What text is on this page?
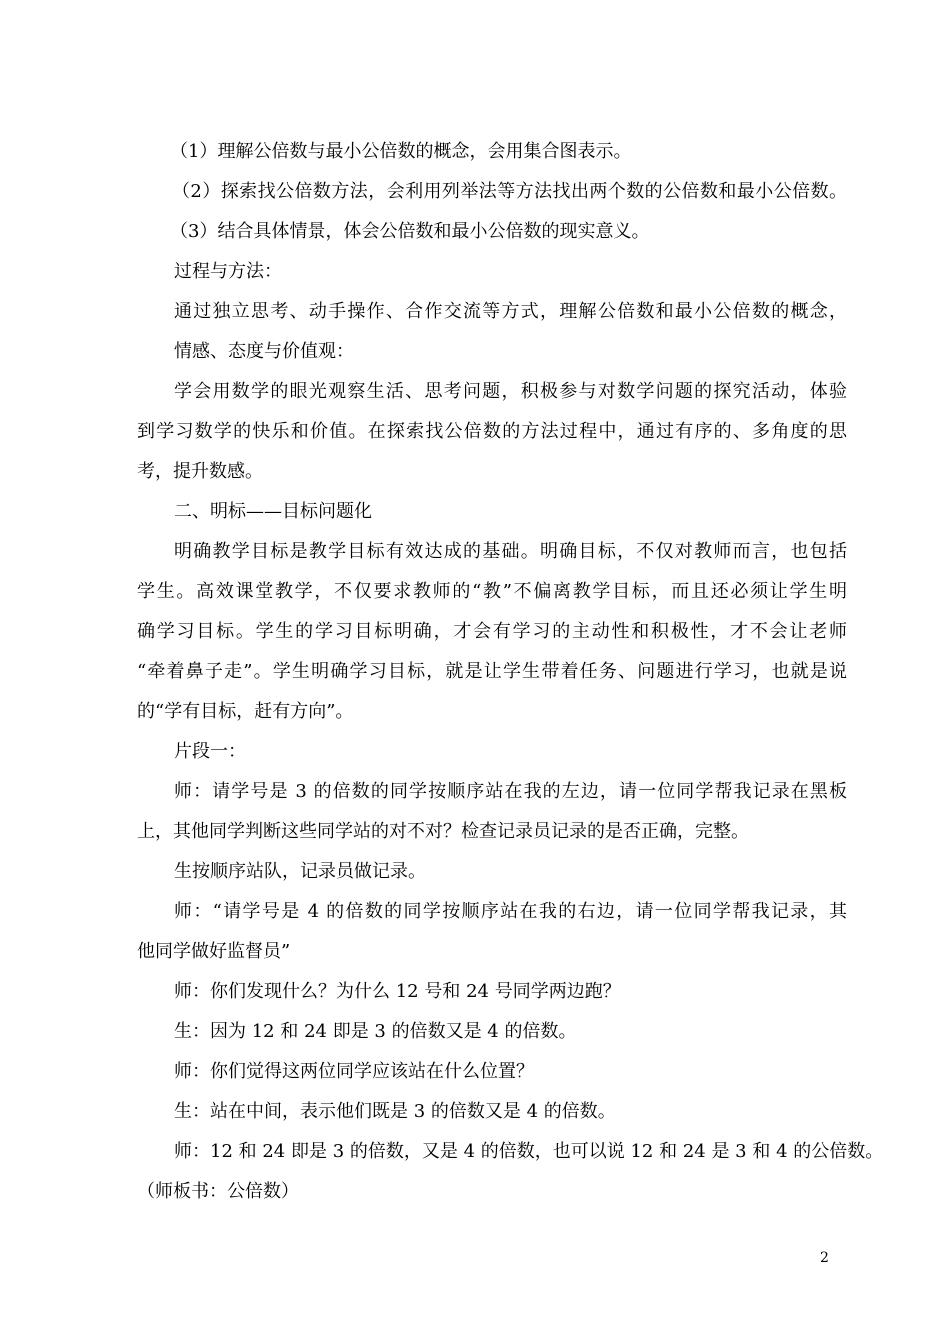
（1）理解公倍数与最小公倍数的概念，会用集合图表示。
（2）探索找公倍数方法，会利用列举法等方法找出两个数的公倍数和最小公倍数。
（3）结合具体情景，体会公倍数和最小公倍数的现实意义。
过程与方法：
通过独立思考、动手操作、合作交流等方式，理解公倍数和最小公倍数的概念，
情感、态度与价值观：
学会用数学的眼光观察生活、思考问题，积极参与对数学问题的探究活动，体验
到学习数学的快乐和价值。在探索找公倍数的方法过程中，通过有序的、多角度的思
考，提升数感。
二、明标——目标问题化
明确教学目标是教学目标有效达成的基础。明确目标，不仅对教师而言，也包括
学生。高效课堂教学，不仅要求教师的“教”不偏离教学目标，而且还必须让学生明
确学习目标。学生的学习目标明确，才会有学习的主动性和积极性，才不会让老师
“牵着鼻子走”。学生明确学习目标，就是让学生带着任务、问题进行学习，也就是说
的“学有目标，赶有方向”。
片段一：
师：请学号是 3 的倍数的同学按顺序站在我的左边，请一位同学帮我记录在黑板
上，其他同学判断这些同学站的对不对？检查记录员记录的是否正确，完整。
生按顺序站队，记录员做记录。
师：“请学号是 4 的倍数的同学按顺序站在我的右边，请一位同学帮我记录，其
他同学做好监督员”
师：你们发现什么？为什么 12 号和 24 号同学两边跑？
生：因为 12 和 24 即是 3 的倍数又是 4 的倍数。
师：你们觉得这两位同学应该站在什么位置？
生：站在中间，表示他们既是 3 的倍数又是 4 的倍数。
师：12 和 24 即是 3 的倍数，又是 4 的倍数，也可以说 12 和 24 是 3 和 4 的公倍数。
（师板书：公倍数）
2
